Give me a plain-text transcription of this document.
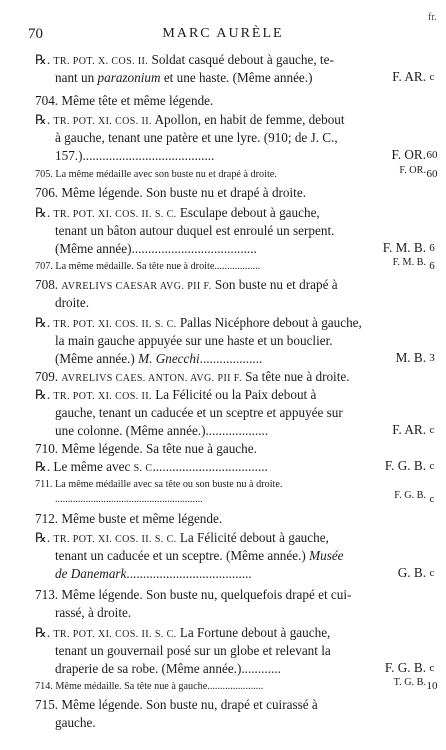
70	MARC AURÈLE
fr.
℞. TR. POT. X. COS. II. Soldat casqué debout à gauche, te-
nant un parazonium et une haste. (Même année.)	F. AR. c
704. Même tête et même légende.
℞. TR. POT. XI. COS. II. Apollon, en habit de femme, debout
à gauche, tenant une patère et une lyre. (910; de J. C.,
157.)........................................	F. OR. 60
705. La même médaille avec son buste nu et drapé à droite.	F. OR. 60
706. Même légende. Son buste nu et drapé à droite.
℞. TR. POT. XI. COS. II. S. C. Esculape debout à gauche,
tenant un bâton autour duquel est enroulé un serpent.
(Même année)......................................	F. M. B. 6
707. La même médaille. Sa tête nue à droite..................	F. M. B. 6
708. AVRELIVS CAESAR AVG. PII F. Son buste nu et drapé à
droite.
℞. TR. POT. XI. COS. II. S. C. Pallas Nicéphore debout à gauche,
la main gauche appuyée sur une haste et un bouclier.
(Même année.) M. Gnecchi...................	M. B. 3
709. AVRELIVS CAES. ANTON. AVG. PII F. Sa tête nue à droite.
℞. TR. POT. XI. COS. II. La Félicité ou la Paix debout à
gauche, tenant un caducée et un sceptre et appuyée sur
une colonne. (Même année.)...................	F. AR. c
710. Même légende. Sa tête nue à gauche.
℞. Le même avec S. C...................................	F. G. B. c
711. La même médaille avec sa tête ou son buste nu à droite.
..........................................................	F. G. B. c
712. Même buste et même légende.
℞. TR. POT. XI. COS. II. S. C. La Félicité debout à gauche,
tenant un caducée et un sceptre. (Même année.) Musée
de Danemark......................................	G. B. c
713. Même légende. Son buste nu, quelquefois drapé et cui-
rassé, à droite.
℞. TR. POT. XI. COS. II. S. C. La Fortune debout à gauche,
tenant un gouvernail posé sur un globe et relevant la
draperie de sa robe. (Même année.)............	F. G. B. c
714. Même médaille. Sa tête nue à gauche......................	T. G. B. 10
715. Même légende. Son buste nu, drapé et cuirassé à
gauche.
